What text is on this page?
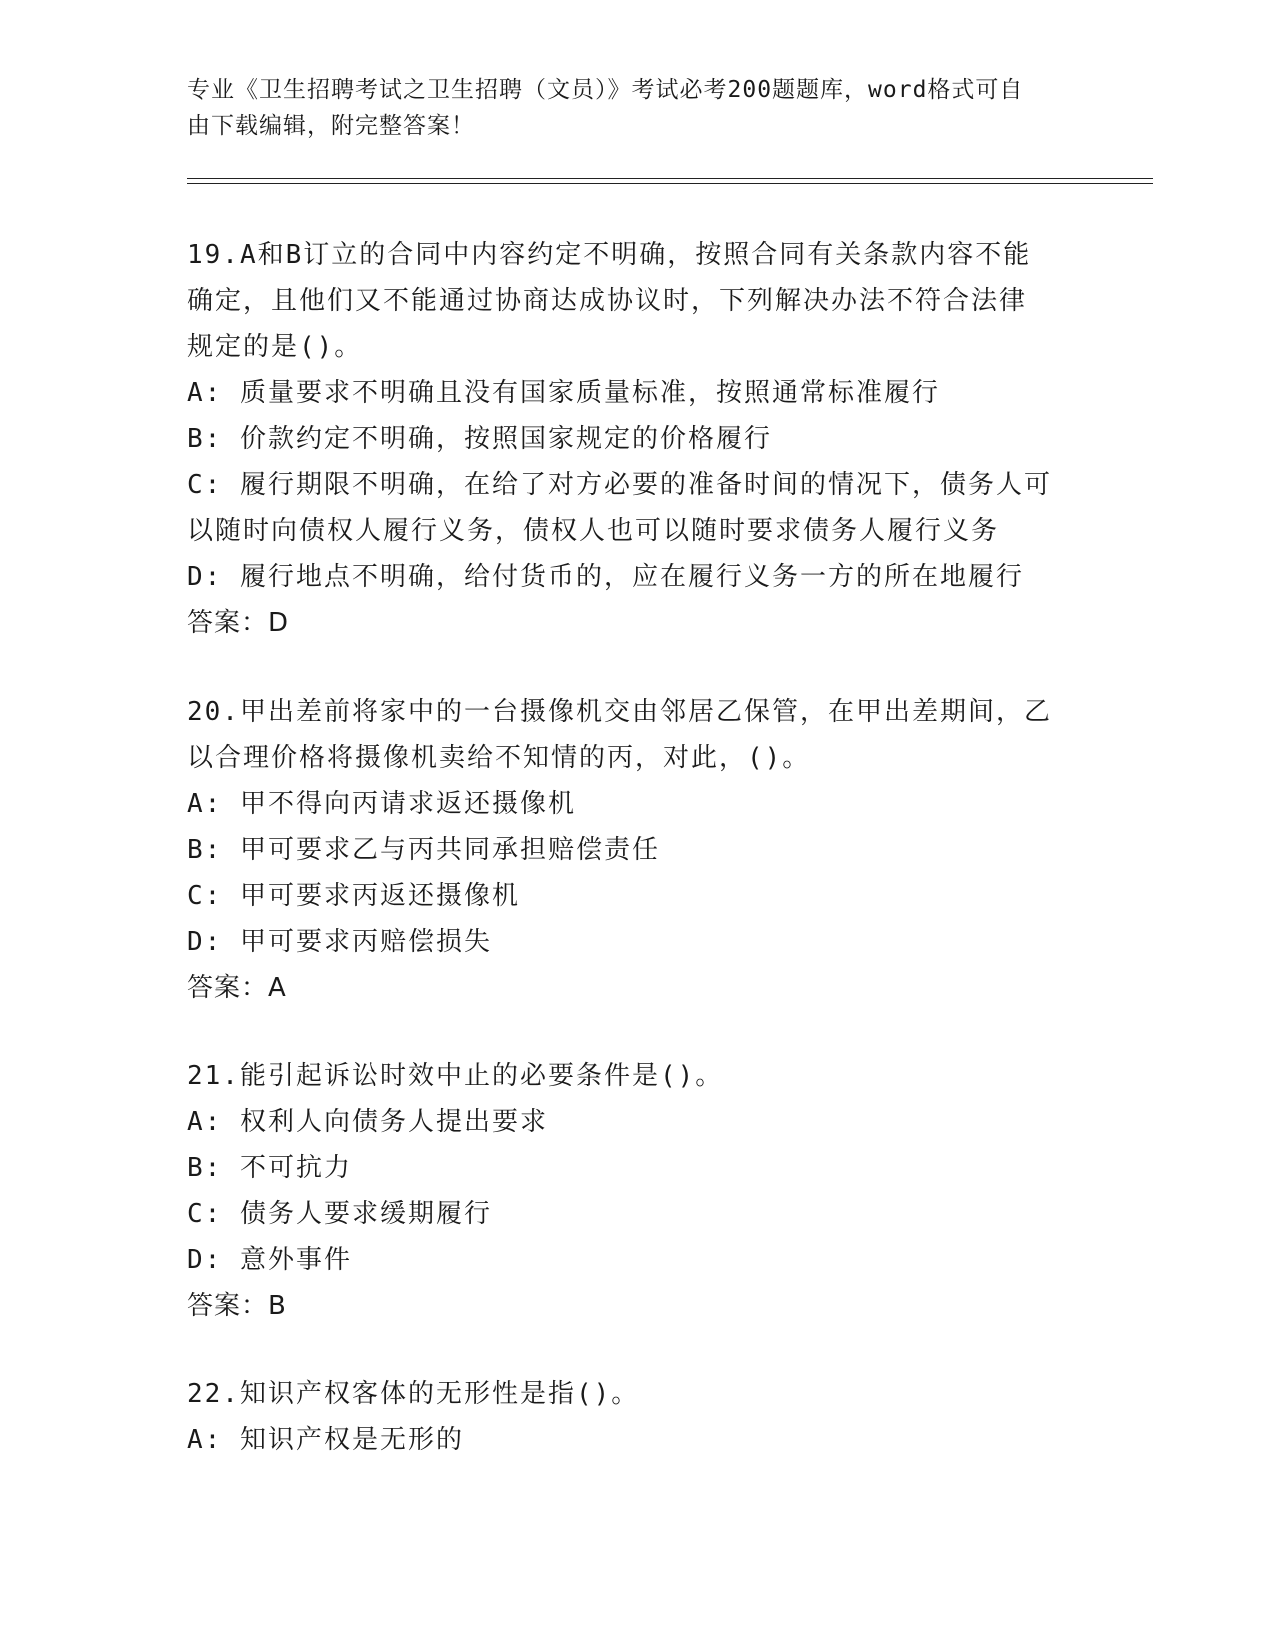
专业《卫生招聘考试之卫生招聘（文员）》考试必考200题题库，word格式可自
由下载编辑，附完整答案！
19.A和B订立的合同中内容约定不明确，按照合同有关条款内容不能
确定，且他们又不能通过协商达成协议时，下列解决办法不符合法律
规定的是()。
A: 质量要求不明确且没有国家质量标准，按照通常标准履行
B: 价款约定不明确，按照国家规定的价格履行
C: 履行期限不明确，在给了对方必要的准备时间的情况下，债务人可
以随时向债权人履行义务，债权人也可以随时要求债务人履行义务
D: 履行地点不明确，给付货币的，应在履行义务一方的所在地履行
答案：D
20.甲出差前将家中的一台摄像机交由邻居乙保管，在甲出差期间，乙
以合理价格将摄像机卖给不知情的丙，对此，()。
A: 甲不得向丙请求返还摄像机
B: 甲可要求乙与丙共同承担赔偿责任
C: 甲可要求丙返还摄像机
D: 甲可要求丙赔偿损失
答案：A
21.能引起诉讼时效中止的必要条件是()。
A: 权利人向债务人提出要求
B: 不可抗力
C: 债务人要求缓期履行
D: 意外事件
答案：B
22.知识产权客体的无形性是指()。
A: 知识产权是无形的
